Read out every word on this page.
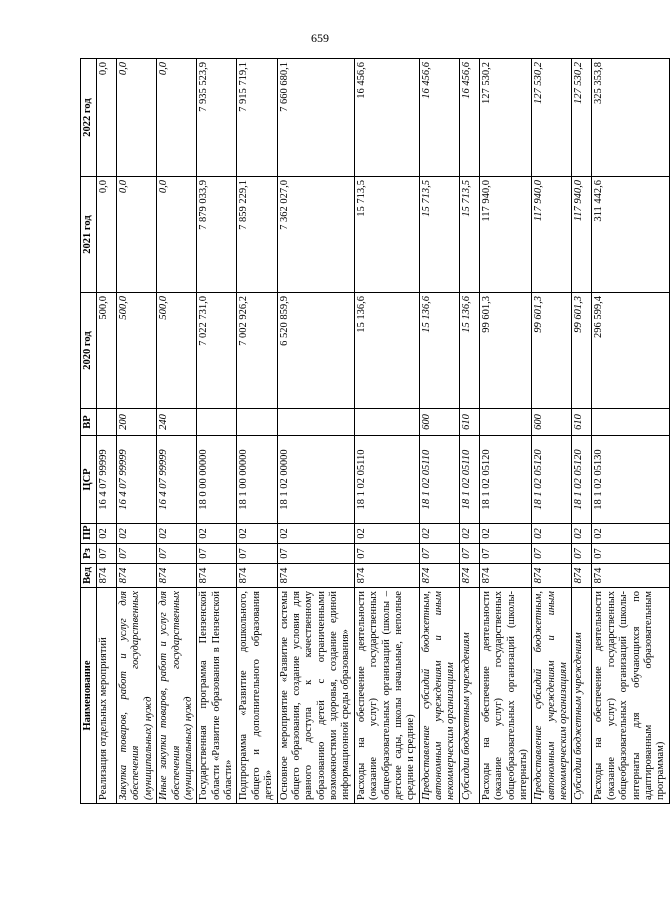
659
Наименование	Вед	Рз	ПР	ЦСР	ВР	2020 год	2021 год	2022 год
Реализация отдельных мероприятий	874	07	02	16 4 07 99999		500,0	0,0	0,0
Закупка товаров, работ и услуг для обеспечения государственных (муниципальных) нужд	874	07	02	16 4 07 99999	200	500,0	0,0	0,0
Иные закупки товаров, работ и услуг для обеспечения государственных (муниципальных) нужд	874	07	02	16 4 07 99999	240	500,0	0,0	0,0
Государственная программа Пензенской области «Развитие образования в Пензенской области»	874	07	02	18 0 00 00000		7 022 731,0	7 879 033,9	7 935 523,9
Подпрограмма «Развитие дошкольного, общего и дополнительного образования детей»	874	07	02	18 1 00 00000		7 002 926,2	7 859 229,1	7 915 719,1
Основное мероприятие «Развитие системы общего образования, создание условия для равного доступа к качественному образованию детей с ограниченными возможностями здоровья, создание единой информационной среды образования»	874	07	02	18 1 02 00000		6 520 859,9	7 362 027,0	7 660 680,1
Расходы на обеспечение деятельности (оказание услуг) государственных общеобразовательных организаций (школы – детские сады, школы начальные, неполные средние и средние)	874	07	02	18 1 02 05110		15 136,6	15 713,5	16 456,6
Предоставление субсидий бюджетным, автономным учреждениям и иным некоммерческим организациям	874	07	02	18 1 02 05110	600	15 136,6	15 713,5	16 456,6
Субсидии бюджетным учреждениям	874	07	02	18 1 02 05110	610	15 136,6	15 713,5	16 456,6
Расходы на обеспечение деятельности (оказание услуг) государственных общеобразовательных организаций (школы-интернаты)	874	07	02	18 1 02 05120		99 601,3	117 940,0	127 530,2
Предоставление субсидий бюджетным, автономным учреждениям и иным некоммерческим организациям	874	07	02	18 1 02 05120	600	99 601,3	117 940,0	127 530,2
Субсидии бюджетным учреждениям	874	07	02	18 1 02 05120	610	99 601,3	117 940,0	127 530,2
Расходы на обеспечение деятельности (оказание услуг) государственных общеобразовательных организаций (школы-интернаты для обучающихся по адаптированным образовательным программам)	874	07	02	18 1 02 05130		296 599,4	311 442,6	325 353,8
